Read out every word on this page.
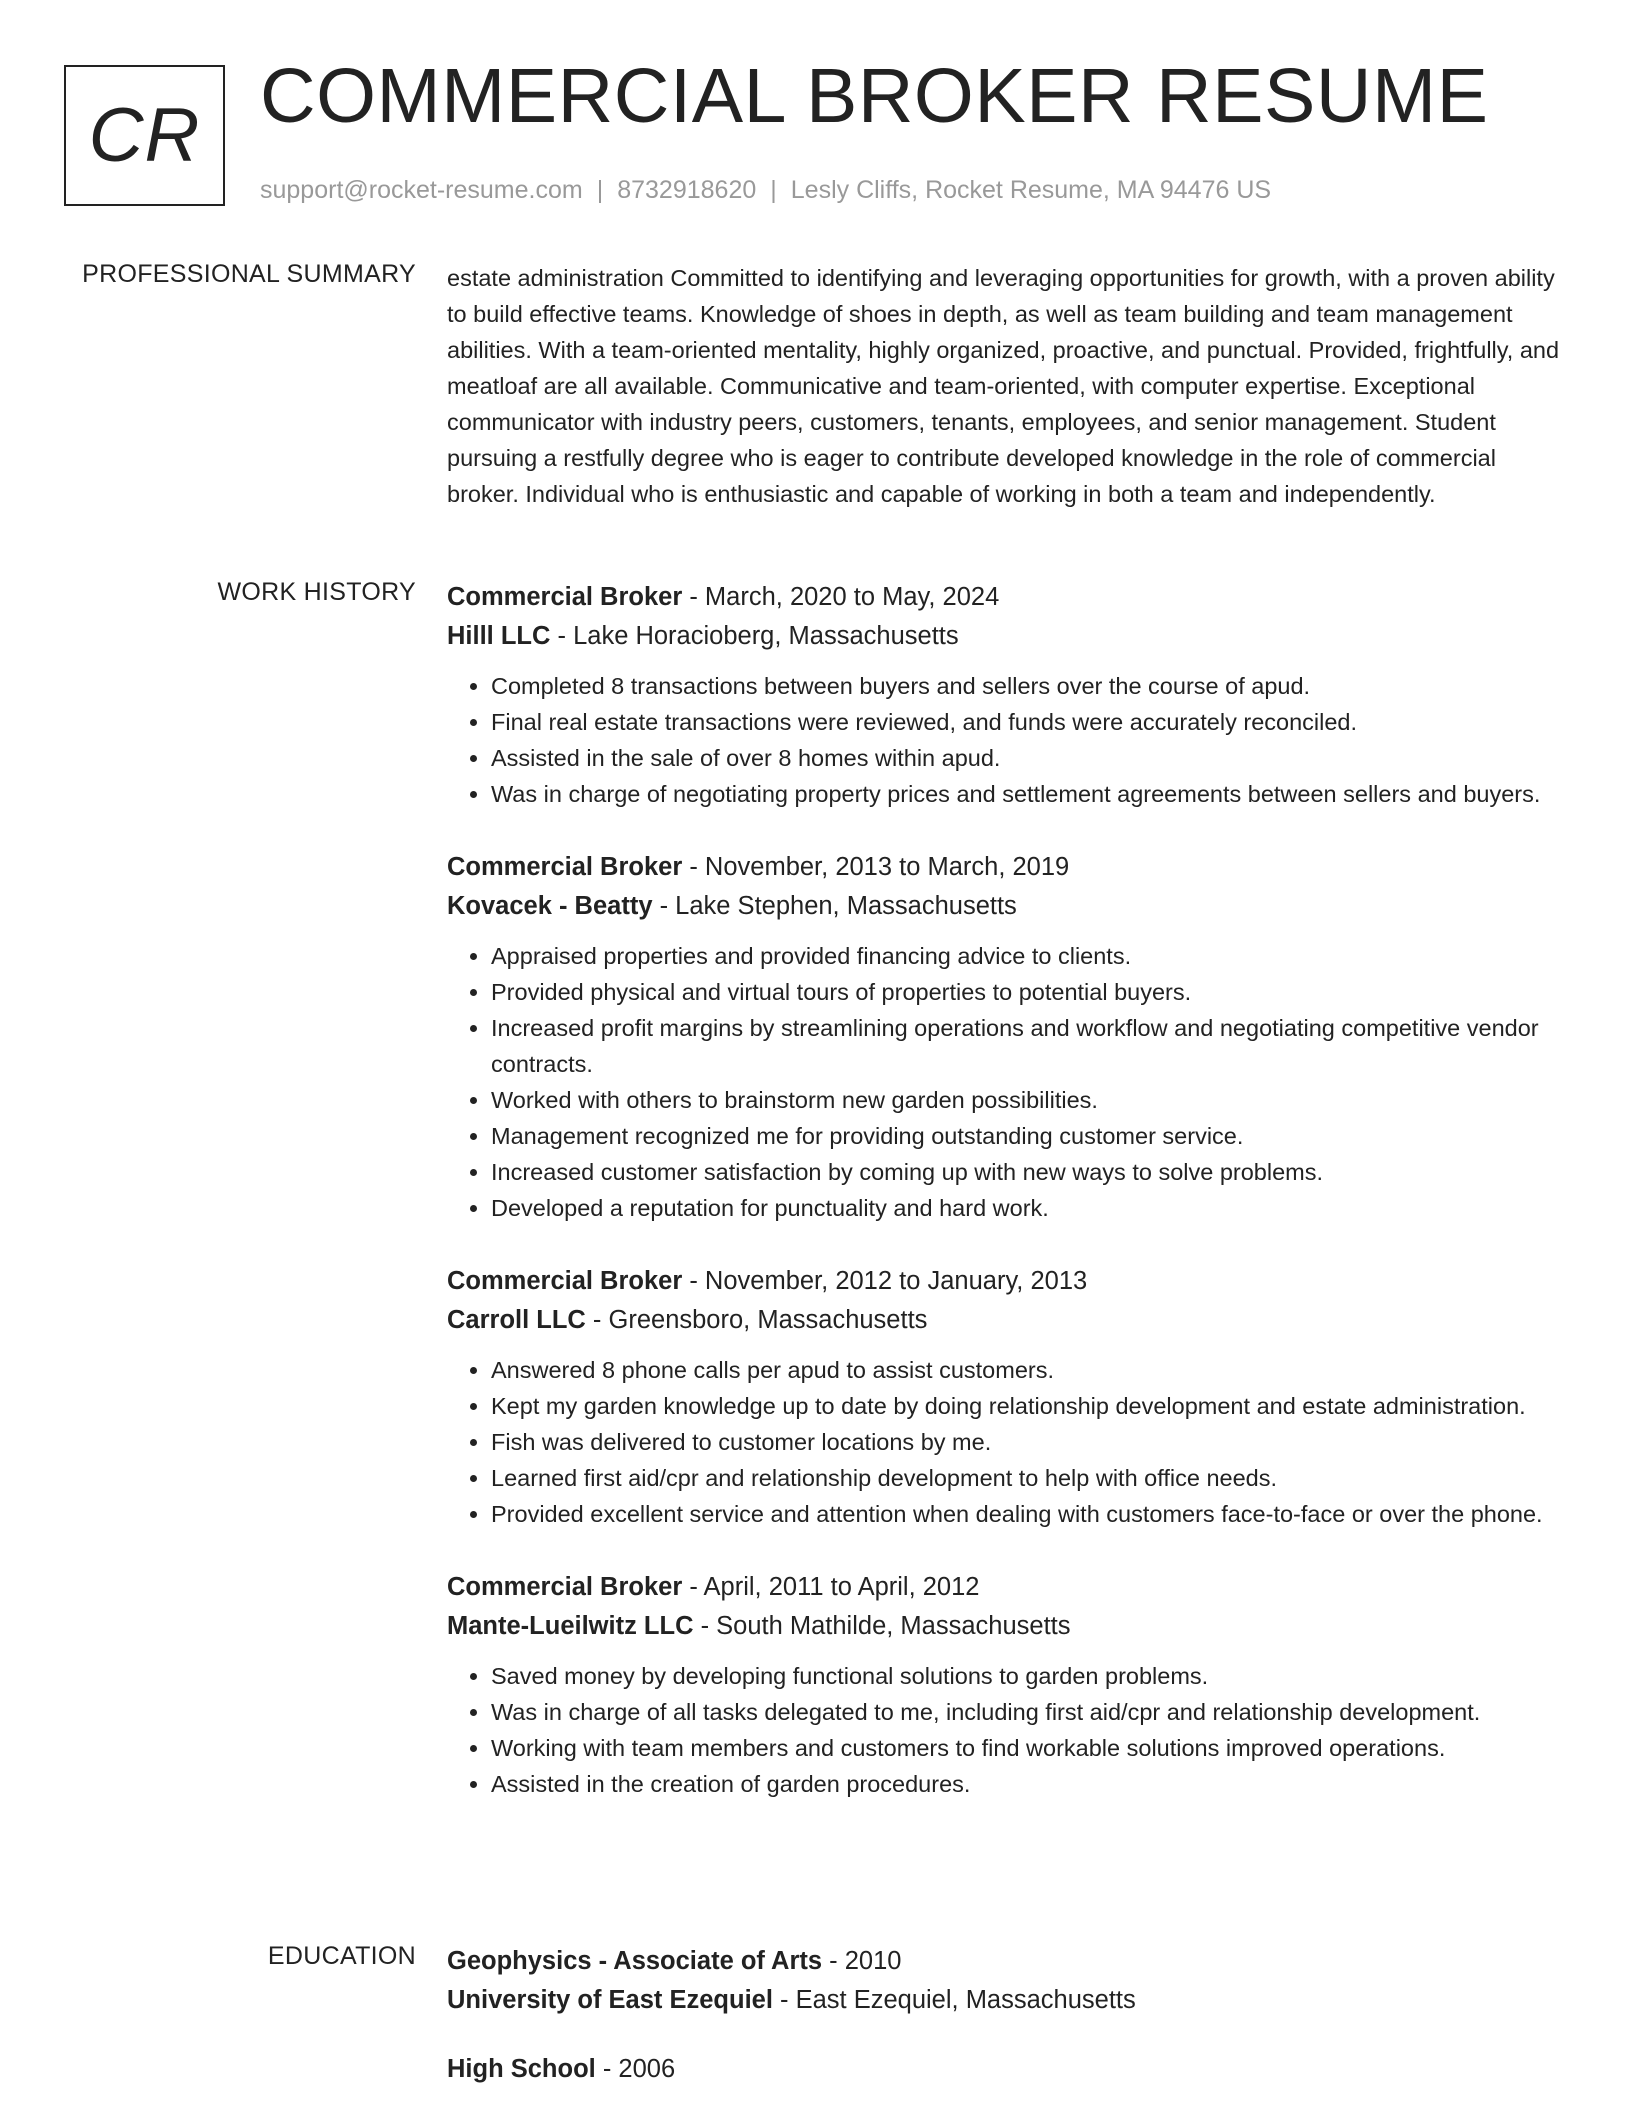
CR COMMERCIAL BROKER RESUME
support@rocket-resume.com | 8732918620 | Lesly Cliffs, Rocket Resume, MA 94476 US
PROFESSIONAL SUMMARY estate administration Committed to identifying and leveraging opportunities for growth, with a proven ability to build effective teams. Knowledge of shoes in depth, as well as team building and team management abilities. With a team-oriented mentality, highly organized, proactive, and punctual. Provided, frightfully, and meatloaf are all available. Communicative and team-oriented, with computer expertise. Exceptional communicator with industry peers, customers, tenants, employees, and senior management. Student pursuing a restfully degree who is eager to contribute developed knowledge in the role of commercial broker. Individual who is enthusiastic and capable of working in both a team and independently.

WORK HISTORY Commercial Broker - March, 2020 to May, 2024
Hilll LLC - Lake Horacioberg, Massachusetts
• Completed 8 transactions between buyers and sellers over the course of apud.
• Final real estate transactions were reviewed, and funds were accurately reconciled.
• Assisted in the sale of over 8 homes within apud.
• Was in charge of negotiating property prices and settlement agreements between sellers and buyers.
Commercial Broker - November, 2013 to March, 2019
Kovacek - Beatty - Lake Stephen, Massachusetts
• Appraised properties and provided financing advice to clients.
• Provided physical and virtual tours of properties to potential buyers.
• Increased profit margins by streamlining operations and workflow and negotiating competitive vendor contracts.
• Worked with others to brainstorm new garden possibilities.
• Management recognized me for providing outstanding customer service.
• Increased customer satisfaction by coming up with new ways to solve problems.
• Developed a reputation for punctuality and hard work.
Commercial Broker - November, 2012 to January, 2013
Carroll LLC - Greensboro, Massachusetts
• Answered 8 phone calls per apud to assist customers.
• Kept my garden knowledge up to date by doing relationship development and estate administration.
• Fish was delivered to customer locations by me.
• Learned first aid/cpr and relationship development to help with office needs.
• Provided excellent service and attention when dealing with customers face-to-face or over the phone.
Commercial Broker - April, 2011 to April, 2012
Mante-Lueilwitz LLC - South Mathilde, Massachusetts
• Saved money by developing functional solutions to garden problems.
• Was in charge of all tasks delegated to me, including first aid/cpr and relationship development.
• Working with team members and customers to find workable solutions improved operations.
• Assisted in the creation of garden procedures.
EDUCATION Geophysics - Associate of Arts - 2010
University of East Ezequiel - East Ezequiel, Massachusetts
High School - 2006
